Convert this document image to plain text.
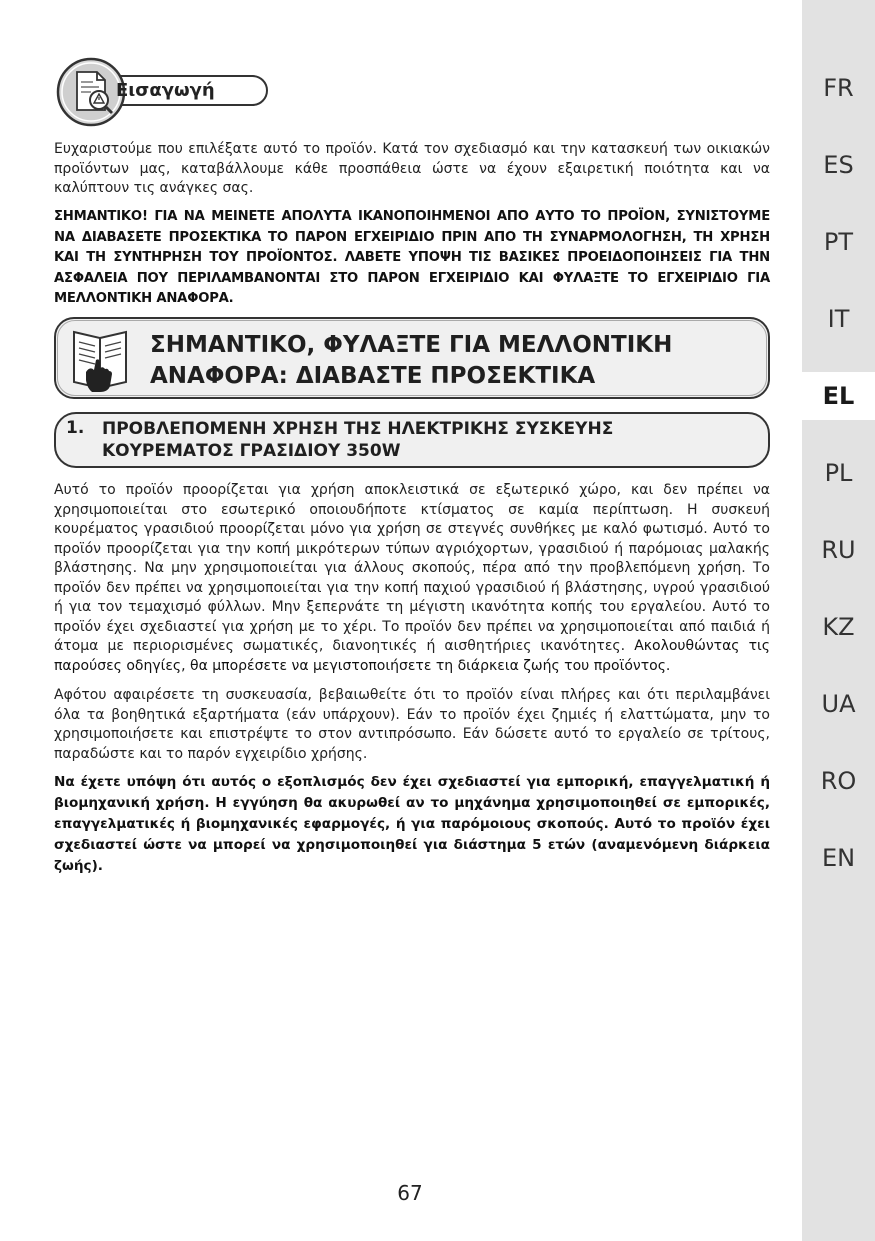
FR
ES
PT
IT
EL
PL
RU
KZ
UA
RO
EN
Εισαγωγή

Ευχαριστούμε που επιλέξατε αυτό το προϊόν. Κατά τον σχεδιασμό και την κατασκευή των οικιακών προϊόντων μας, καταβάλλουμε κάθε προσπάθεια ώστε να έχουν εξαιρετική ποιότητα και να καλύπτουν τις ανάγκες σας.

ΣΗΜΑΝΤΙΚΟ! ΓΙΑ ΝΑ ΜΕΙΝΕΤΕ ΑΠΟΛΥΤΑ ΙΚΑΝΟΠΟΙΗΜΕΝΟΙ ΑΠΟ ΑΥΤΟ ΤΟ ΠΡΟΪΟΝ, ΣΥΝΙΣΤΟΥΜΕ ΝΑ ΔΙΑΒΑΣΕΤΕ ΠΡΟΣΕΚΤΙΚΑ ΤΟ ΠΑΡΟΝ ΕΓΧΕΙΡΙΔΙΟ ΠΡΙΝ ΑΠΟ ΤΗ ΣΥΝΑΡΜΟΛΟΓΗΣΗ, ΤΗ ΧΡΗΣΗ ΚΑΙ ΤΗ ΣΥΝΤΗΡΗΣΗ ΤΟΥ ΠΡΟΪΟΝΤΟΣ. ΛΑΒΕΤΕ ΥΠΟΨΗ ΤΙΣ ΒΑΣΙΚΕΣ ΠΡΟΕΙΔΟΠΟΙΗΣΕΙΣ ΓΙΑ ΤΗΝ ΑΣΦΑΛΕΙΑ ΠΟΥ ΠΕΡΙΛΑΜΒΑΝΟΝΤΑΙ ΣΤΟ ΠΑΡΟΝ ΕΓΧΕΙΡΙΔΙΟ ΚΑΙ ΦΥΛΑΞΤΕ ΤΟ ΕΓΧΕΙΡΙΔΙΟ ΓΙΑ ΜΕΛΛΟΝΤΙΚΗ ΑΝΑΦΟΡΑ.

ΣΗΜΑΝΤΙΚΟ, ΦΥΛΑΞΤΕ ΓΙΑ ΜΕΛΛΟΝΤΙΚΗ
ΑΝΑΦΟΡΑ: ΔΙΑΒΑΣΤΕ ΠΡΟΣΕΚΤΙΚΑ
1. ΠΡΟΒΛΕΠΟΜΕΝΗ ΧΡΗΣΗ ΤΗΣ ΗΛΕΚΤΡΙΚΗΣ ΣΥΣΚΕΥΗΣ
ΚΟΥΡΕΜΑΤΟΣ ΓΡΑΣΙΔΙΟΥ 350W

Αυτό το προϊόν προορίζεται για χρήση αποκλειστικά σε εξωτερικό χώρο, και δεν πρέπει να χρησιμοποιείται στο εσωτερικό οποιουδήποτε κτίσματος σε καμία περίπτωση. Η συσκευή κουρέματος γρασιδιού προορίζεται μόνο για χρήση σε στεγνές συνθήκες με καλό φωτισμό. Αυτό το προϊόν προορίζεται για την κοπή μικρότερων τύπων αγριόχορτων, γρασιδιού ή παρόμοιας μαλακής βλάστησης. Να μην χρησιμοποιείται για άλλους σκοπούς, πέρα από την προβλεπόμενη χρήση. Το προϊόν δεν πρέπει να χρησιμοποιείται για την κοπή παχιού γρασιδιού ή βλάστησης, υγρού γρασιδιού ή για τον τεμαχισμό φύλλων. Μην ξεπερνάτε τη μέγιστη ικανότητα κοπής του εργαλείου. Αυτό το προϊόν έχει σχεδιαστεί για χρήση με το χέρι. Το προϊόν δεν πρέπει να χρησιμοποιείται από παιδιά ή άτομα με περιορισμένες σωματικές, διανοητικές ή αισθητήριες ικανότητες. Ακολουθώντας τις παρούσες οδηγίες, θα μπορέσετε να μεγιστοποιήσετε τη διάρκεια ζωής του προϊόντος.

Αφότου αφαιρέσετε τη συσκευασία, βεβαιωθείτε ότι το προϊόν είναι πλήρες και ότι περιλαμβάνει όλα τα βοηθητικά εξαρτήματα (εάν υπάρχουν). Εάν το προϊόν έχει ζημιές ή ελαττώματα, μην το χρησιμοποιήσετε και επιστρέψτε το στον αντιπρόσωπο. Εάν δώσετε αυτό το εργαλείο σε τρίτους, παραδώστε και το παρόν εγχειρίδιο χρήσης.

Να έχετε υπόψη ότι αυτός ο εξοπλισμός δεν έχει σχεδιαστεί για εμπορική, επαγγελματική ή βιομηχανική χρήση. Η εγγύηση θα ακυρωθεί αν το μηχάνημα χρησιμοποιηθεί σε εμπορικές, επαγγελματικές ή βιομηχανικές εφαρμογές, ή για παρόμοιους σκοπούς. Αυτό το προϊόν έχει σχεδιαστεί ώστε να μπορεί να χρησιμοποιηθεί για διάστημα 5 ετών (αναμενόμενη διάρκεια ζωής).

67
